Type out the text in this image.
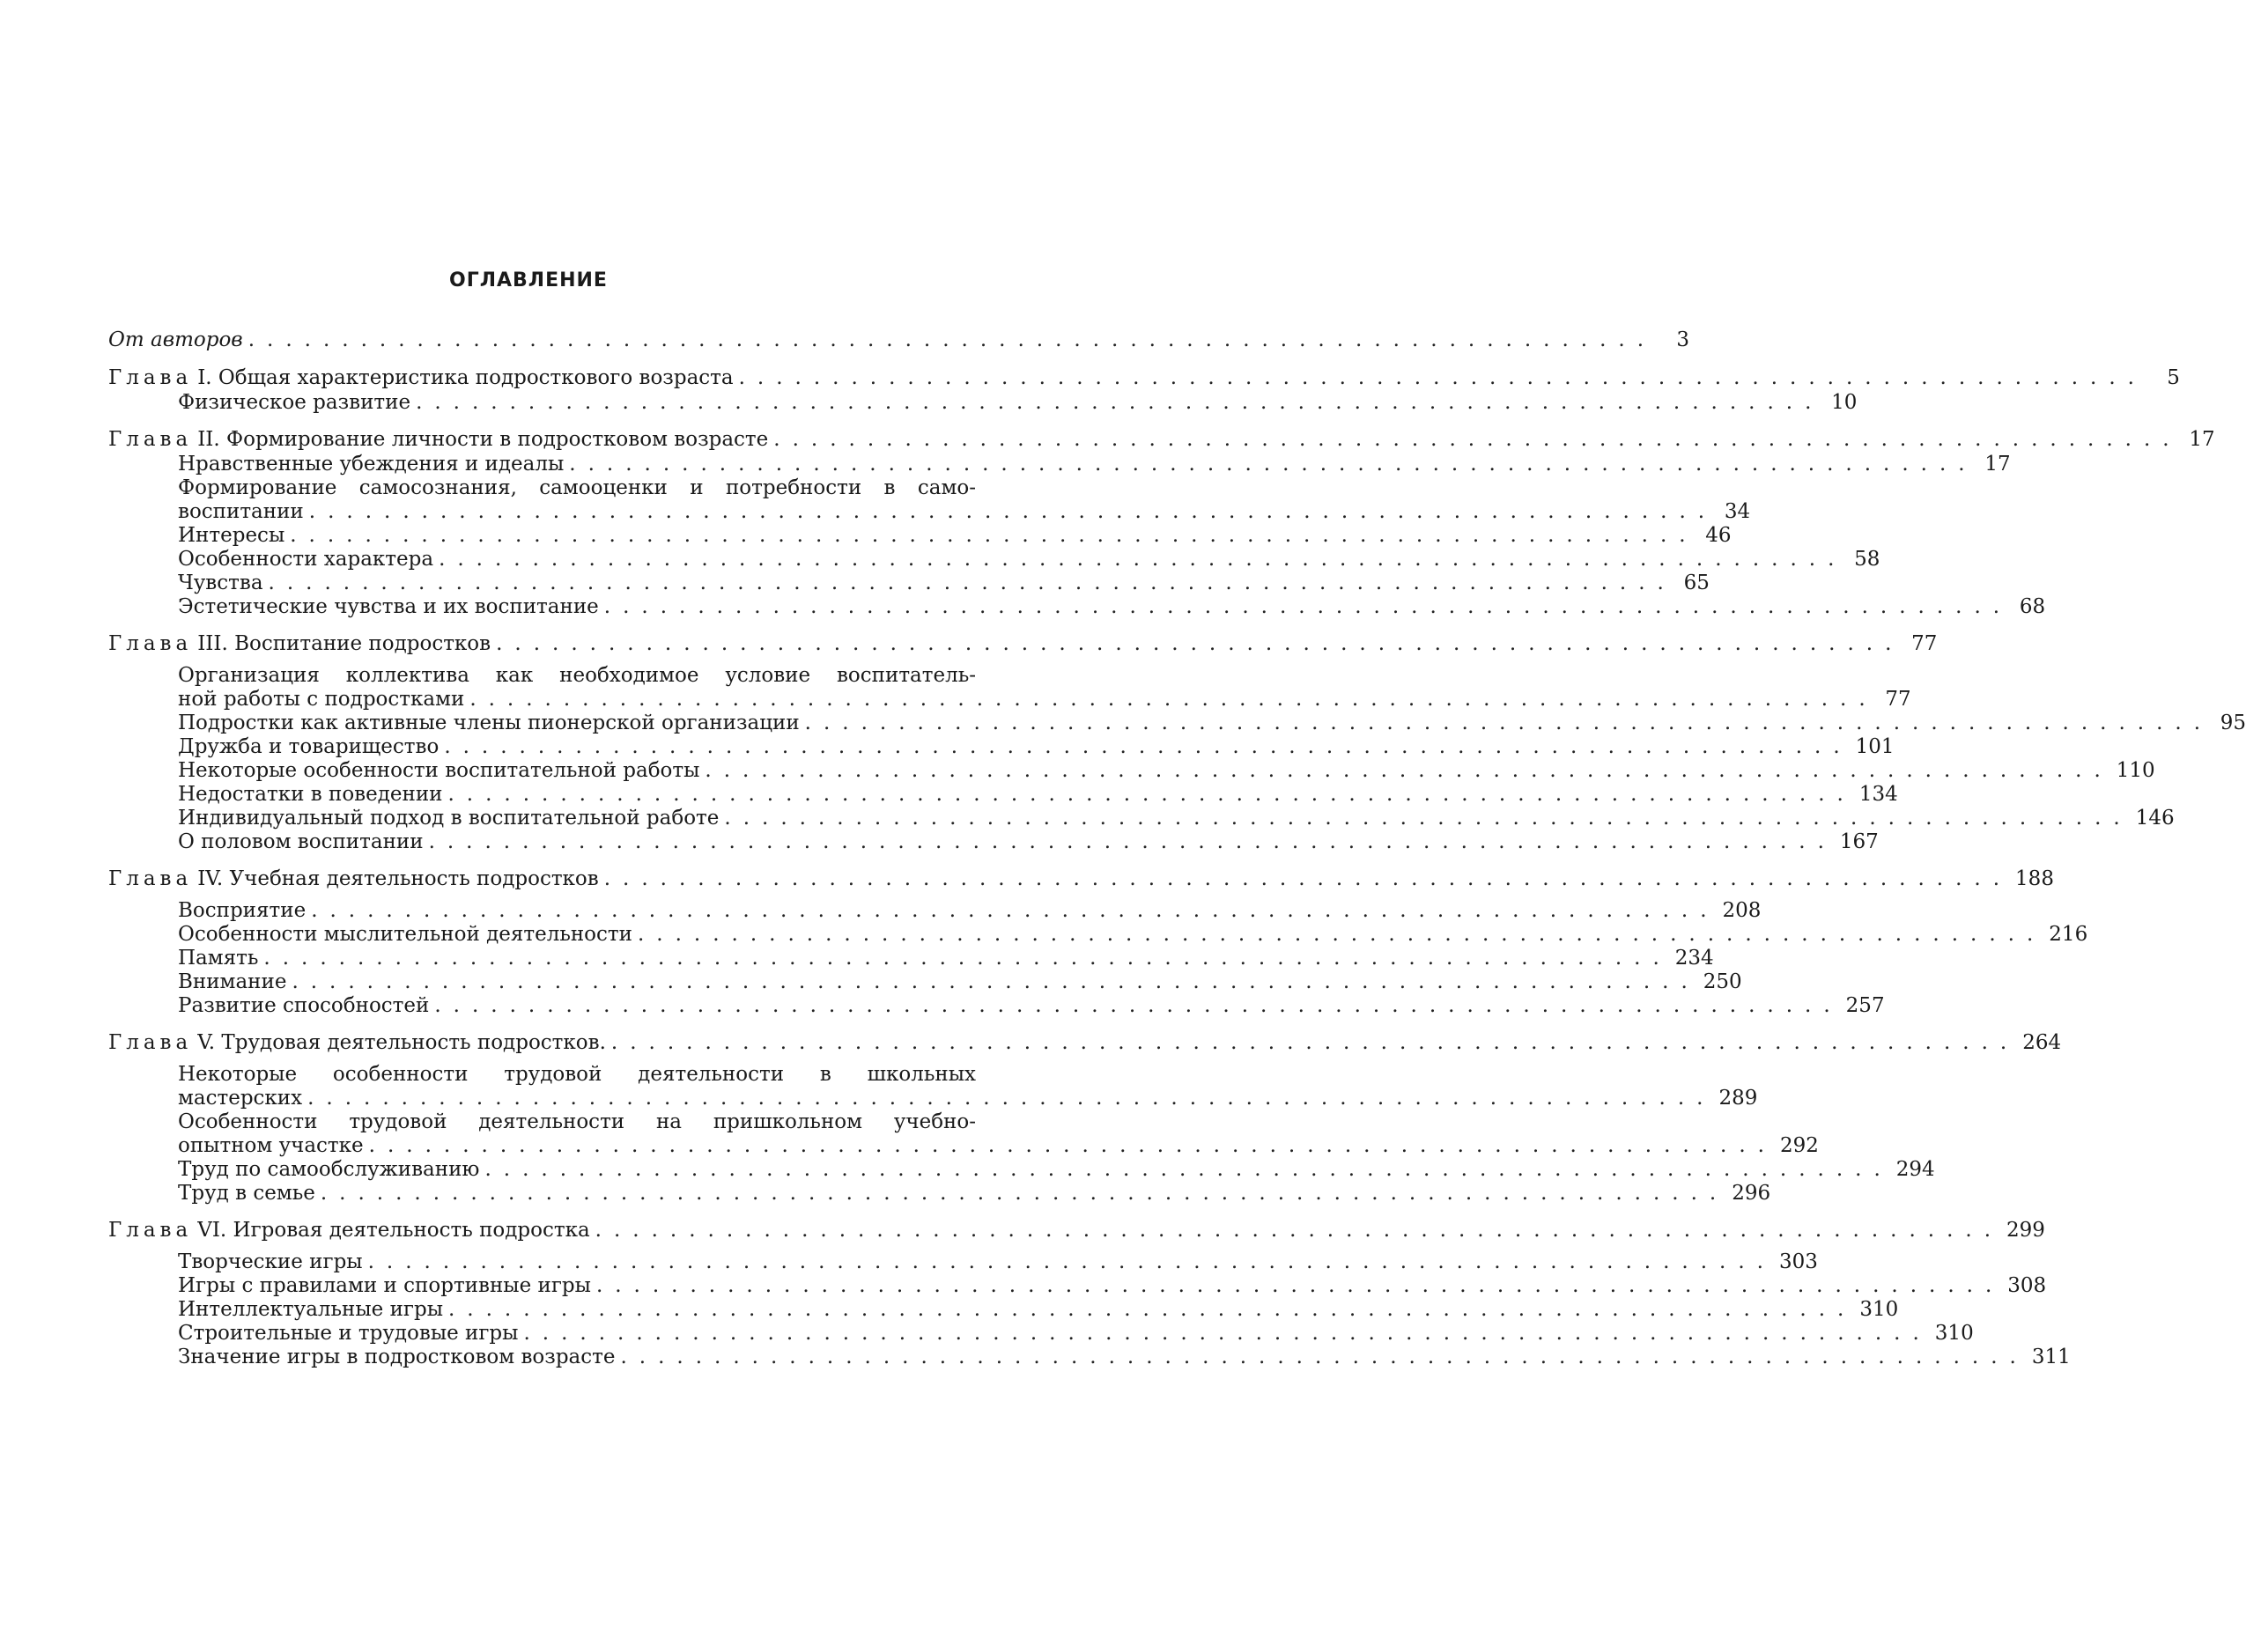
ОГЛАВЛЕНИЕ
От авторов ...........................................................................	3
Глава I. Общая характеристика подросткового возраста ...........................................................................	5
Физическое развитие ........................................................................... 10
Глава II. Формирование личности в подростковом возрасте ........................................................................... 17
Нравственные убеждения и идеалы ........................................................................... 17
Формирование самосознания, самооценки и потребности в само-
воспитании ........................................................................... 34
Интересы ........................................................................... 46
Особенности характера ........................................................................... 58
Чувства ........................................................................... 65
Эстетические чувства и их воспитание ........................................................................... 68
Глава III. Воспитание подростков ........................................................................... 77
Организация коллектива как необходимое условие воспитатель-
ной работы с подростками ........................................................................... 77
Подростки как активные члены пионерской организации ........................................................................... 95
Дружба и товарищество ........................................................................... 101
Некоторые особенности воспитательной работы ........................................................................... 110
Недостатки в поведении ........................................................................... 134
Индивидуальный подход в воспитательной работе ........................................................................... 146
О половом воспитании ........................................................................... 167
Глава IV. Учебная деятельность подростков ........................................................................... 188
Восприятие ........................................................................... 208
Особенности мыслительной деятельности ........................................................................... 216
Память ........................................................................... 234
Внимание ........................................................................... 250
Развитие способностей ........................................................................... 257
Глава V. Трудовая деятельность подростков. ........................................................................... 264
Некоторые особенности трудовой деятельности в школьных
мастерских ........................................................................... 289
Особенности трудовой деятельности на пришкольном учебно-
опытном участке ........................................................................... 292
Труд по самообслуживанию ........................................................................... 294
Труд в семье ........................................................................... 296
Глава VI. Игровая деятельность подростка ........................................................................... 299
Творческие игры ........................................................................... 303
Игры с правилами и спортивные игры ........................................................................... 308
Интеллектуальные игры ........................................................................... 310
Строительные и трудовые игры ........................................................................... 310
Значение игры в подростковом возрасте ........................................................................... 311
